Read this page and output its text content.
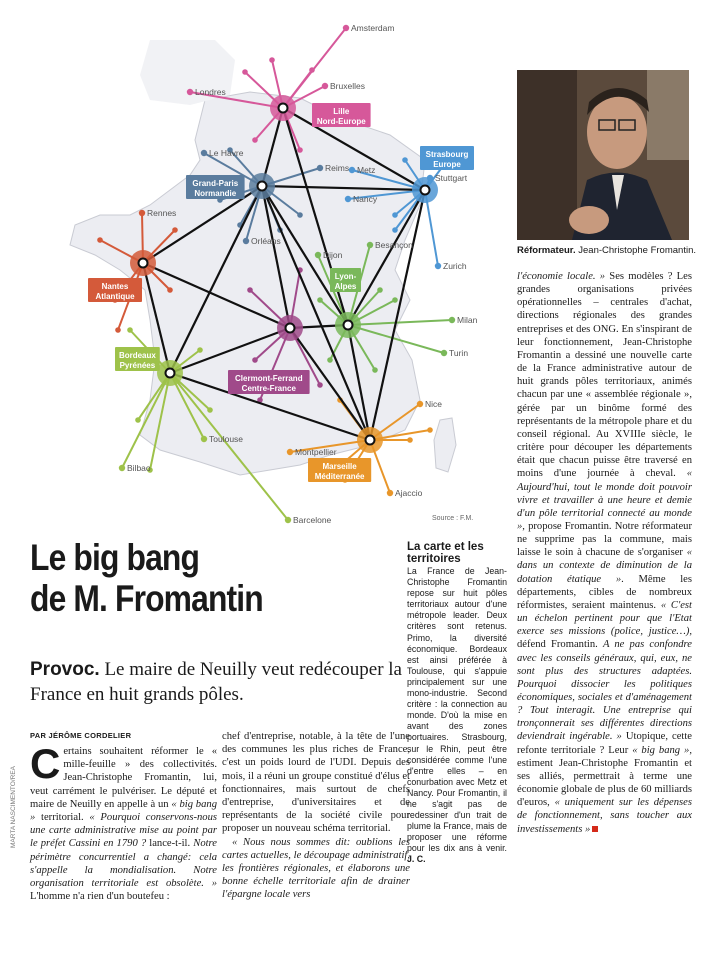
Lille
Nord-Europe
Grand-Paris
Normandie
Strasbourg
Europe
Nantes
Atlantique
Lyon-
Alpes
Clermont-Ferrand
Centre-France
Bordeaux
Pyrénées
Marseille
Méditerranée
Amsterdam
Bruxelles
Londres
Le Havre
Reims Metz
Stuttgart
Nancy
Rennes
Orléans
Dijon
Besançon
Zurich
Milan
Turin
Montpellier
Toulouse
Nice
Bilbao
Ajaccio
Barcelone	Source : F.M.
Réformateur. Jean-Christophe Fromantin.
Le big bang
de M. Fromantin
Provoc. Le maire de Neuilly veut redécouper la France en huit grands pôles.
PAR JÉRÔME CORDELIER

Certains souhaitent réformer le « mille-feuille » des collectivités. Jean-Christophe Fromantin, lui, veut carrément le pulvériser. Le député et maire de Neuilly en appelle à un « big bang » territorial. « Pourquoi conservons-nous une carte administrative mise au point par le préfet Cassini en 1790 ? lance-t-il. Notre périmètre concurrentiel a changé: cela s'appelle la mondialisation. Notre organisation territoriale est obsolète. » L'homme n'a rien d'un boutefeu :

chef d'entreprise, notable, à la tête de l'une des communes les plus riches de France, c'est un poids lourd de l'UDI. Depuis des mois, il a réuni un groupe constitué d'élus et fonctionnaires, mais surtout de chefs d'entreprise, d'universitaires et de représentants de la société civile pour proposer un nouveau schéma territorial.

« Nous nous sommes dit: oublions les cartes actuelles, le découpage administratif, les frontières régionales, et élaborons une bonne échelle territoriale afin de drainer l'épargne locale vers

La carte et les territoires
La France de Jean-Christophe Fromantin repose sur huit pôles territoriaux autour d'une métropole leader. Deux critères sont retenus. Primo, la diversité économique. Bordeaux est ainsi préférée à Toulouse, qui s'appuie principalement sur une mono-industrie. Second critère : la connection au monde. D'où la mise en avant des zones portuaires. Strasbourg, sur le Rhin, peut être considérée comme l'une d'entre elles – en conurbation avec Metz et Nancy. Pour Fromantin, il ne s'agit pas de redessiner d'un trait de plume la France, mais de proposer une réforme pour les dix ans à venir. J. C.
l'économie locale. » Ses modèles ? Les grandes organisations privées opérationnelles – centrales d'achat, directions régionales des grandes entreprises et des ONG. En s'inspirant de leur fonctionnement, Jean-Christophe Fromantin a dessiné une nouvelle carte de la France administrative autour de huit grands pôles territoriaux, animés chacun par une « assemblée régionale », gérée par un binôme formé des représentants de la métropole phare et du conseil régional. Au XVIIIe siècle, le critère pour découper les départements était que chacun puisse être traversé en moins d'une journée à cheval. « Aujourd'hui, tout le monde doit pouvoir vivre et travailler à une heure et demie d'un pôle territorial connecté au monde », propose Fromantin. Notre réformateur ne supprime pas la commune, mais laisse le soin à chacune de s'organiser « dans un contexte de diminution de la dotation étatique ». Même les départements, cibles de nombreux réformistes, seraient maintenus. « C'est un échelon pertinent pour que l'Etat exerce ses missions (police, justice…), défend Fromantin. A ne pas confondre avec les conseils généraux, qui, eux, ne sont plus des structures adaptées. Pourquoi dissocier les politiques économiques, sociales et d'aménagement ? Tout interagit. Une entreprise qui tronçonnerait ses différentes directions deviendrait ingérable. » Utopique, cette refonte territoriale ? Leur « big bang », estiment Jean-Christophe Fromantin et ses alliés, permettrait à terme une économie globale de plus de 60 milliards d'euros, « uniquement sur les dépenses de fonctionnement, sans toucher aux investissements »
MARTA NASCIMENTO/REA
